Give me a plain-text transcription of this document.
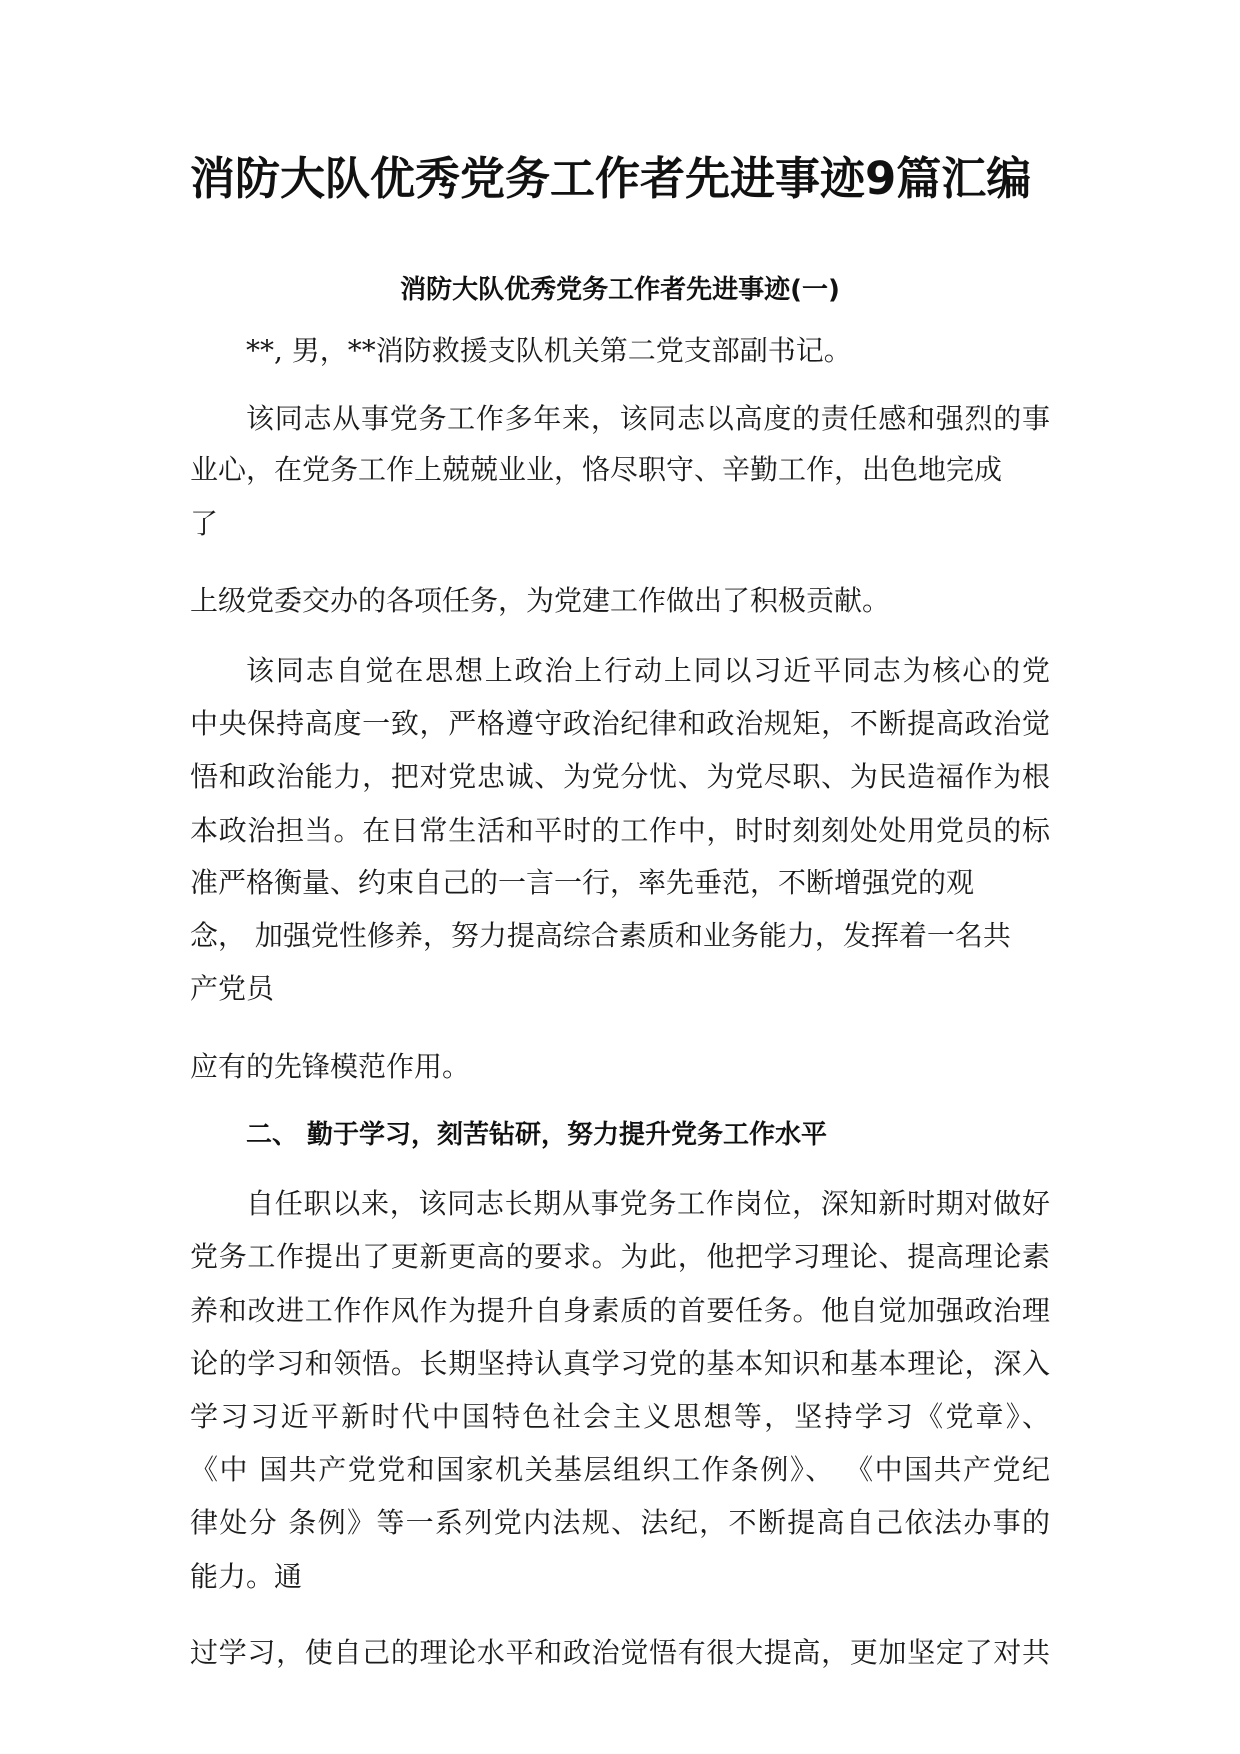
消防大队优秀党务工作者先进事迹9篇汇编
消防大队优秀党务工作者先进事迹(一)

**, 男，**消防救援支队机关第二党支部副书记。

该同志从事党务工作多年来，该同志以高度的责任感和强烈的事

业心，在党务工作上兢兢业业，恪尽职守、辛勤工作，出色地完成

了

上级党委交办的各项任务，为党建工作做出了积极贡献。

该同志自觉在思想上政治上行动上同以习近平同志为核心的党

中央保持高度一致，严格遵守政治纪律和政治规矩，不断提高政治觉

悟和政治能力，把对党忠诚、为党分忧、为党尽职、为民造福作为根

本政治担当。在日常生活和平时的工作中，时时刻刻处处用党员的标

准严格衡量、约束自己的一言一行，率先垂范，不断增强党的观

念， 加强党性修养，努力提高综合素质和业务能力，发挥着一名共

产党员

应有的先锋模范作用。

二、 勤于学习，刻苦钻研，努力提升党务工作水平

自任职以来，该同志长期从事党务工作岗位，深知新时期对做好

党务工作提出了更新更高的要求。为此，他把学习理论、提高理论素

养和改进工作作风作为提升自身素质的首要任务。他自觉加强政治理

论的学习和领悟。长期坚持认真学习党的基本知识和基本理论，深入

学习习近平新时代中国特色社会主义思想等，坚持学习《党章》、

《中 国共产党党和国家机关基层组织工作条例》、 《中国共产党纪

律处分 条例》等一系列党内法规、法纪，不断提高自己依法办事的

能力。通

过学习，使自己的理论水平和政治觉悟有很大提高，更加坚定了对共
